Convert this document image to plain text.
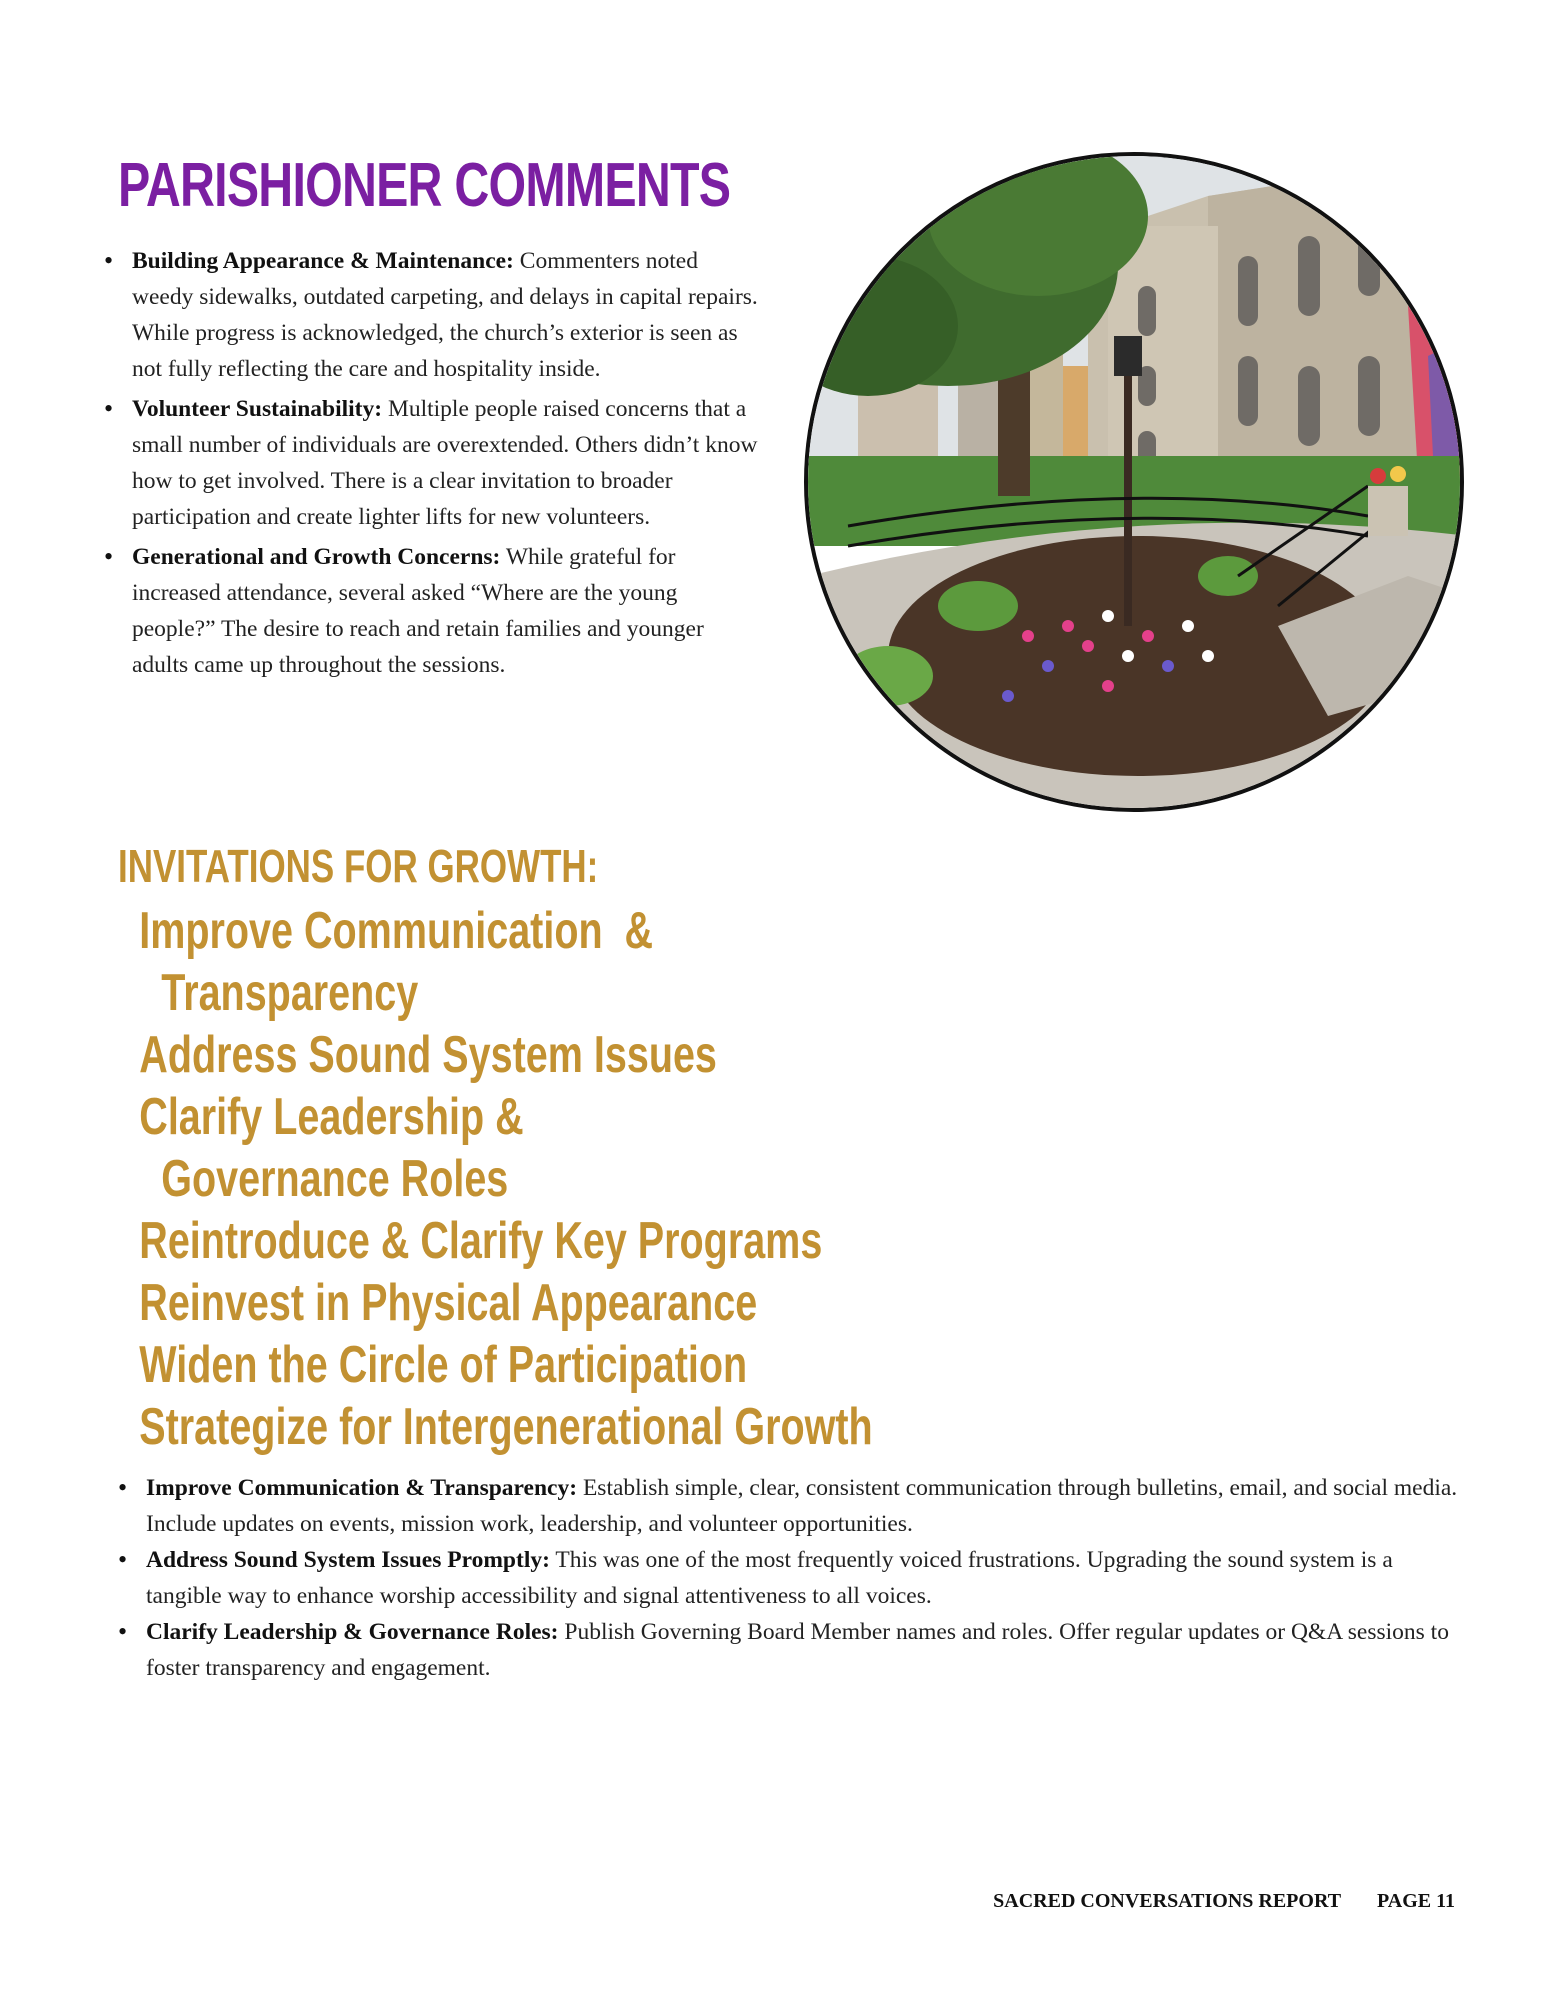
PARISHIONER COMMENTS
• Building Appearance & Maintenance: Commenters noted weedy sidewalks, outdated carpeting, and delays in capital repairs. While progress is acknowledged, the church’s exterior is seen as not fully reflecting the care and hospitality inside.
• Volunteer Sustainability: Multiple people raised concerns that a small number of individuals are overextended. Others didn’t know how to get involved. There is a clear invitation to broader participation and create lighter lifts for new volunteers.
• Generational and Growth Concerns: While grateful for increased attendance, several asked “Where are the young people?” The desire to reach and retain families and younger adults came up throughout the sessions.
INVITATIONS FOR GROWTH:
Improve Communication  &
Transparency
Address Sound System Issues
Clarify Leadership &
Governance Roles
Reintroduce & Clarify Key Programs
Reinvest in Physical Appearance
Widen the Circle of Participation
Strategize for Intergenerational Growth
• Improve Communication & Transparency: Establish simple, clear, consistent communication through bulletins, email, and social media. Include updates on events, mission work, leadership, and volunteer opportunities.
• Address Sound System Issues Promptly: This was one of the most frequently voiced frustrations. Upgrading the sound system is a tangible way to enhance worship accessibility and signal attentiveness to all voices.
• Clarify Leadership & Governance Roles: Publish Governing Board Member names and roles. Offer regular updates or Q&A sessions to foster transparency and engagement.
SACRED CONVERSATIONS REPORT PAGE 11
